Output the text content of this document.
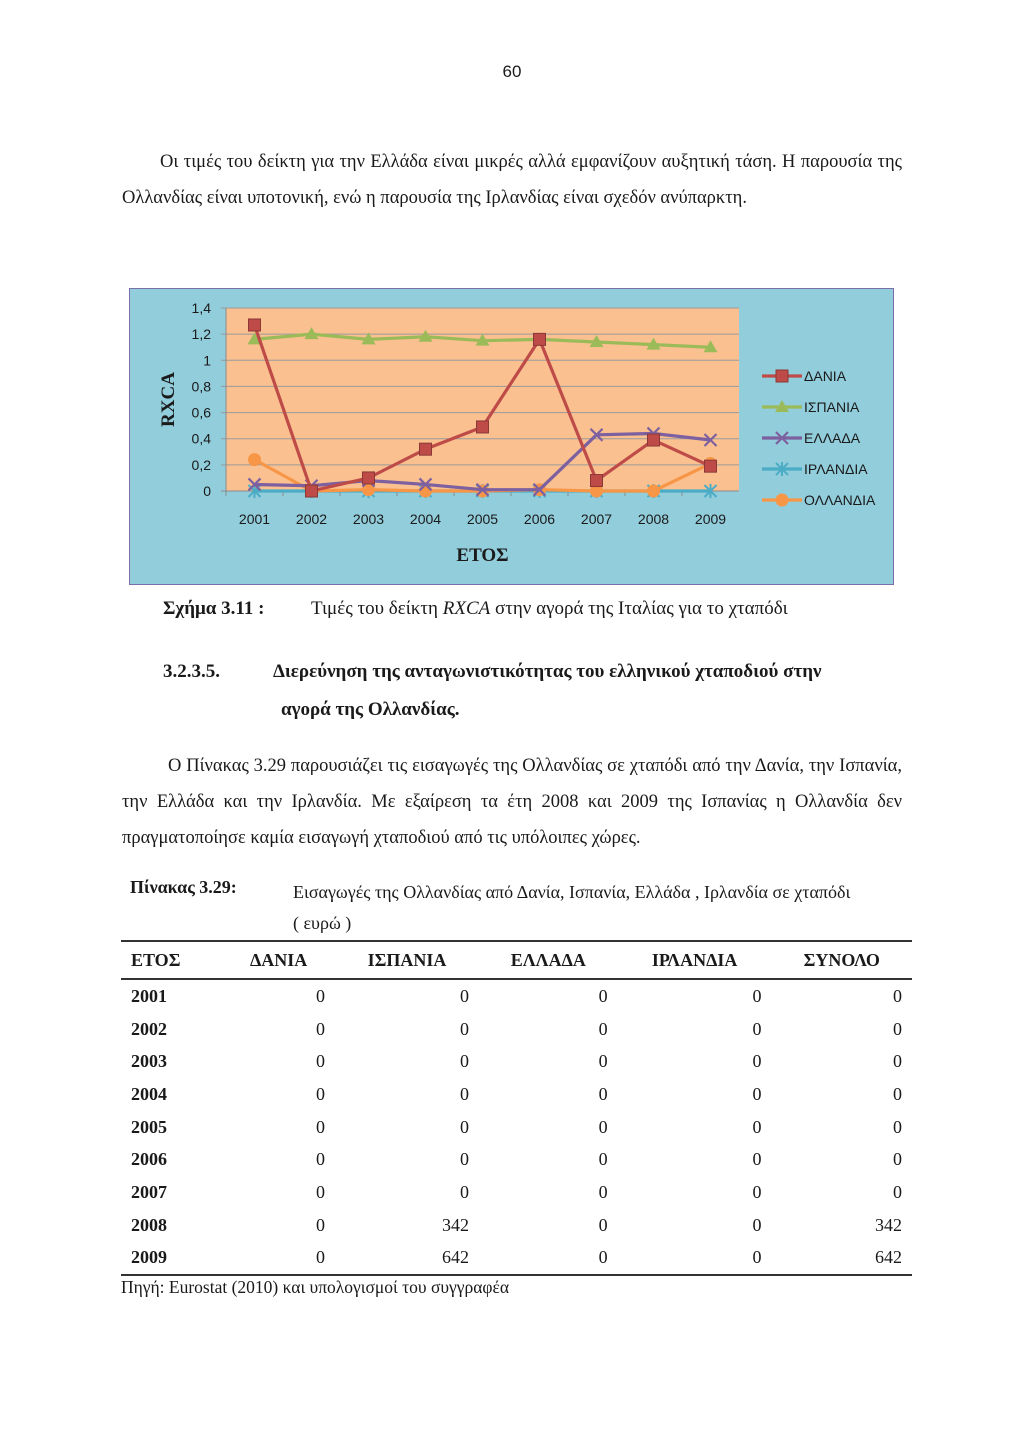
60
Οι τιμές του δείκτη για την Ελλάδα είναι μικρές αλλά εμφανίζουν αυξητική τάση. Η παρουσία της Ολλανδίας είναι υποτονική, ενώ η παρουσία της Ιρλανδίας είναι σχεδόν ανύπαρκτη.
0
0,2
0,4
0,6
0,8
1
1,2
1,4
2001 2002 2003 2004 2005 2006 2007 2008 2009
ΕΤΟΣ
RXCA	ΔΑΝΙΑ
ΙΣΠΑΝΙΑ
ΕΛΛΑΔΑ
ΙΡΛΑΝΔΙΑ
ΟΛΛΑΝΔΙΑ
Σχήμα 3.11 : Τιμές του δείκτη RXCA στην αγορά της Ιταλίας για το χταπόδι
3.2.3.5.	Διερεύνηση της ανταγωνιστικότητας του ελληνικού χταποδιού στην
αγορά της Ολλανδίας.
Ο Πίνακας 3.29 παρουσιάζει τις εισαγωγές της Ολλανδίας σε χταπόδι από την Δανία, την Ισπανία, την Ελλάδα και την Ιρλανδία. Με εξαίρεση τα έτη 2008 και 2009 της Ισπανίας η Ολλανδία δεν πραγματοποίησε καμία εισαγωγή χταποδιού από τις υπόλοιπες χώρες.
Πίνακας 3.29:	Εισαγωγές της Ολλανδίας από Δανία, Ισπανία, Ελλάδα , Ιρλανδία σε χταπόδι
( ευρώ )
ΕΤΟΣ	ΔΑΝΙΑ	ΙΣΠΑΝΙΑ	ΕΛΛΑΔΑ	ΙΡΛΑΝΔΙΑ	ΣΥΝΟΛΟ
2001	0	0	0	0	0
2002	0	0	0	0	0
2003	0	0	0	0	0
2004	0	0	0	0	0
2005	0	0	0	0	0
2006	0	0	0	0	0
2007	0	0	0	0	0
2008	0	342	0	0	342
2009	0	642	0	0	642
Πηγή: Eurostat (2010) και υπολογισμοί του συγγραφέα
